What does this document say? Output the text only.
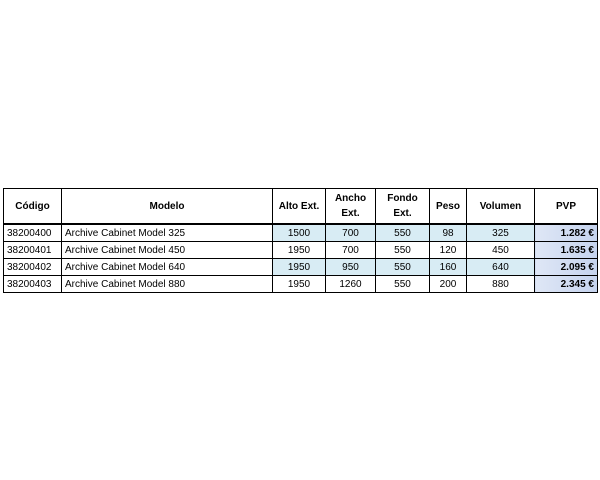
Código	Modelo	Alto Ext.	Ancho Ext.	Fondo Ext.	Peso	Volumen	PVP
38200400	Archive Cabinet Model 325	1500	700	550	98	325	1.282 €
38200401	Archive Cabinet Model 450	1950	700	550	120	450	1.635 €
38200402	Archive Cabinet Model 640	1950	950	550	160	640	2.095 €
38200403	Archive Cabinet Model 880	1950	1260	550	200	880	2.345 €
